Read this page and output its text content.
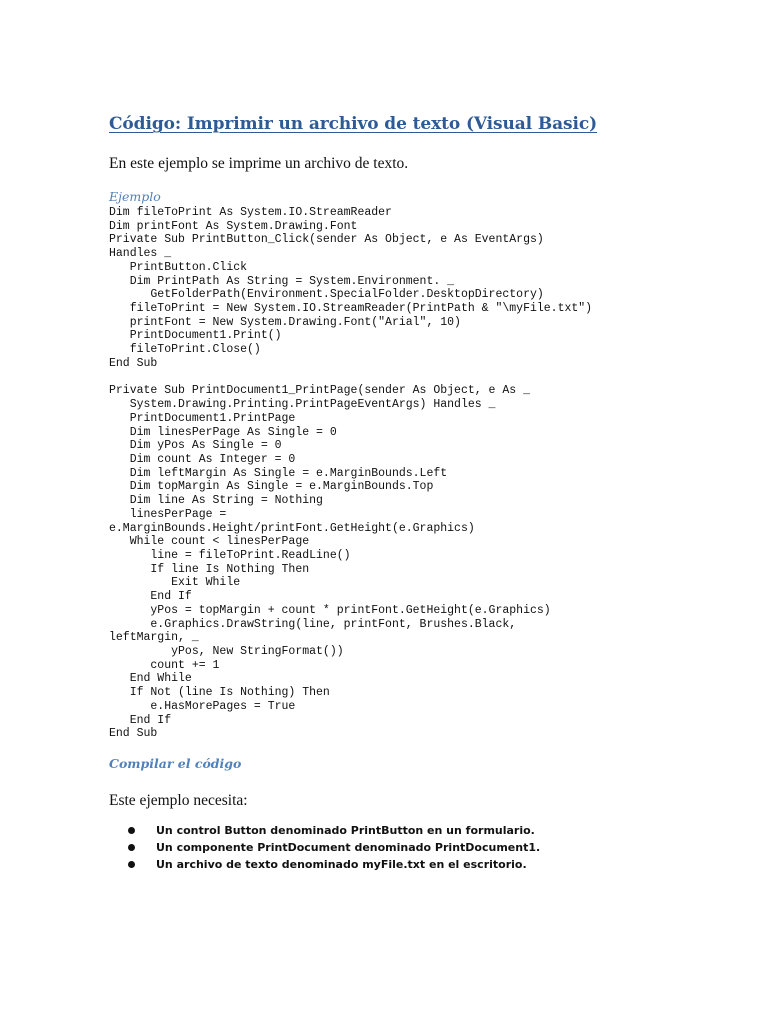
Código: Imprimir un archivo de texto (Visual Basic)

En este ejemplo se imprime un archivo de texto.

Ejemplo
Dim fileToPrint As System.IO.StreamReader
Dim printFont As System.Drawing.Font
Private Sub PrintButton_Click(sender As Object, e As EventArgs)
Handles _
PrintButton.Click
Dim PrintPath As String = System.Environment. _
GetFolderPath(Environment.SpecialFolder.DesktopDirectory)
fileToPrint = New System.IO.StreamReader(PrintPath & "\myFile.txt")
printFont = New System.Drawing.Font("Arial", 10)
PrintDocument1.Print()
fileToPrint.Close()
End Sub
Private Sub PrintDocument1_PrintPage(sender As Object, e As _
System.Drawing.Printing.PrintPageEventArgs) Handles _
PrintDocument1.PrintPage
Dim linesPerPage As Single = 0
Dim yPos As Single = 0
Dim count As Integer = 0
Dim leftMargin As Single = e.MarginBounds.Left
Dim topMargin As Single = e.MarginBounds.Top
Dim line As String = Nothing
linesPerPage =
e.MarginBounds.Height/printFont.GetHeight(e.Graphics)
While count < linesPerPage
line = fileToPrint.ReadLine()
If line Is Nothing Then
Exit While
End If
yPos = topMargin + count * printFont.GetHeight(e.Graphics)
e.Graphics.DrawString(line, printFont, Brushes.Black,
leftMargin, _
yPos, New StringFormat())
count += 1
End While
If Not (line Is Nothing) Then
e.HasMorePages = True
End If
End Sub
Compilar el código

Este ejemplo necesita:

Un control Button denominado PrintButton en un formulario.
Un componente PrintDocument denominado PrintDocument1.
Un archivo de texto denominado myFile.txt en el escritorio.
